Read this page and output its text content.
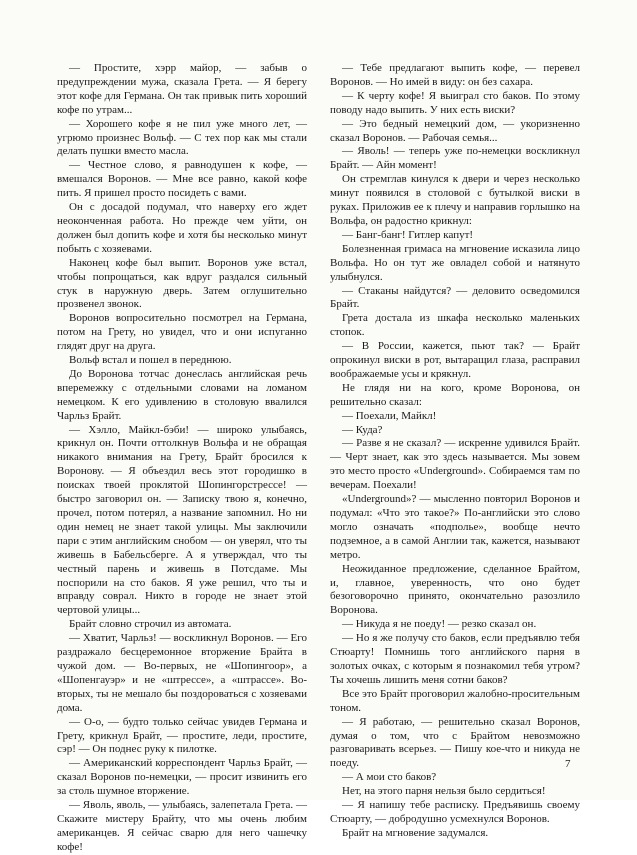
— Простите, хэрр майор, — забыв о предупреждении мужа, сказала Грета. — Я берегу этот кофе для Германа. Он так привык пить хороший кофе по утрам...

— Хорошего кофе я не пил уже много лет, — угрюмо произнес Вольф. — С тех пор как мы стали делать пушки вместо масла.

— Честное слово, я равнодушен к кофе, — вмешался Воронов. — Мне все равно, какой кофе пить. Я пришел просто посидеть с вами.

Он с досадой подумал, что наверху его ждет неоконченная работа. Но прежде чем уйти, он должен был допить кофе и хотя бы несколько минут побыть с хозяевами.

Наконец кофе был выпит. Воронов уже встал, чтобы попрощаться, как вдруг раздался сильный стук в наружную дверь. Затем оглушительно прозвенел звонок.

Воронов вопросительно посмотрел на Германа, потом на Грету, но увидел, что и они испуганно глядят друг на друга.

Вольф встал и пошел в переднюю.

До Воронова тотчас донеслась английская речь вперемежку с отдельными словами на ломаном немецком. К его удивлению в столовую ввалился Чарльз Брайт.

— Хэлло, Майкл-бэби! — широко улыбаясь, крикнул он. Почти оттолкнув Вольфа и не обращая никакого внимания на Грету, Брайт бросился к Воронову. — Я объездил весь этот городишко в поисках твоей проклятой Шопингорстрессе! — быстро заговорил он. — Записку твою я, конечно, прочел, потом потерял, а название запомнил. Но ни один немец не знает такой улицы. Мы заключили пари с этим английским снобом — он уверял, что ты живешь в Бабельсберге. А я утверждал, что ты честный парень и живешь в Потсдаме. Мы поспорили на сто баков. Я уже решил, что ты и вправду соврал. Никто в городе не знает этой чертовой улицы...

Брайт словно строчил из автомата.

— Хватит, Чарльз! — воскликнул Воронов. — Его раздражало бесцеремонное вторжение Брайта в чужой дом. — Во-первых, не «Шопингоор», а «Шопенгауэр» и не «штрессе», а «штрассе». Во-вторых, ты не мешало бы поздороваться с хозяевами дома.

— О-о, — будто только сейчас увидев Германа и Грету, крикнул Брайт, — простите, леди, простите, сэр! — Он поднес руку к пилотке.

— Американский корреспондент Чарльз Брайт, — сказал Воронов по-немецки, — просит извинить его за столь шумное вторжение.

— Яволь, яволь, — улыбаясь, залепетала Грета. — Скажите мистеру Брайту, что мы очень любим американцев. Я сейчас сварю для него чашечку кофе!

— Тебе предлагают выпить кофе, — перевел Воронов. — Но имей в виду: он без сахара.

— К черту кофе! Я выиграл сто баков. По этому поводу надо выпить. У них есть виски?

— Это бедный немецкий дом, — укоризненно сказал Воронов. — Рабочая семья...

— Яволь! — теперь уже по-немецки воскликнул Брайт. — Айн момент!

Он стремглав кинулся к двери и через несколько минут появился в столовой с бутылкой виски в руках. Приложив ее к плечу и направив горлышко на Вольфа, он радостно крикнул:

— Банг-банг! Гитлер капут!

Болезненная гримаса на мгновение исказила лицо Вольфа. Но он тут же овладел собой и натянуто улыбнулся.

— Стаканы найдутся? — деловито осведомился Брайт.

Грета достала из шкафа несколько маленьких стопок.

— В России, кажется, пьют так? — Брайт опрокинул виски в рот, вытаращил глаза, расправил воображаемые усы и крякнул.

Не глядя ни на кого, кроме Воронова, он решительно сказал:

— Поехали, Майкл!

— Куда?

— Разве я не сказал? — искренне удивился Брайт. — Черт знает, как это здесь называется. Мы зовем это место просто «Underground». Собираемся там по вечерам. Поехали!

«Underground»? — мысленно повторил Воронов и подумал: «Что это такое?» По-английски это слово могло означать «подполье», вообще нечто подземное, а в самой Англии так, кажется, называют метро.

Неожиданное предложение, сделанное Брайтом, и, главное, уверенность, что оно будет безоговорочно принято, окончательно разозлило Воронова.

— Никуда я не поеду! — резко сказал он.

— Но я же получу сто баков, если предъявлю тебя Стюарту! Помнишь того английского парня в золотых очках, с которым я познакомил тебя утром? Ты хочешь лишить меня сотни баков?

Все это Брайт проговорил жалобно-просительным тоном.

— Я работаю, — решительно сказал Воронов, думая о том, что с Брайтом невозможно разговаривать всерьез. — Пишу кое-что и никуда не поеду.

— А мои сто баков?

Нет, на этого парня нельзя было сердиться!

— Я напишу тебе расписку. Предъявишь своему Стюарту, — добродушно усмехнулся Воронов.

Брайт на мгновение задумался.

7
